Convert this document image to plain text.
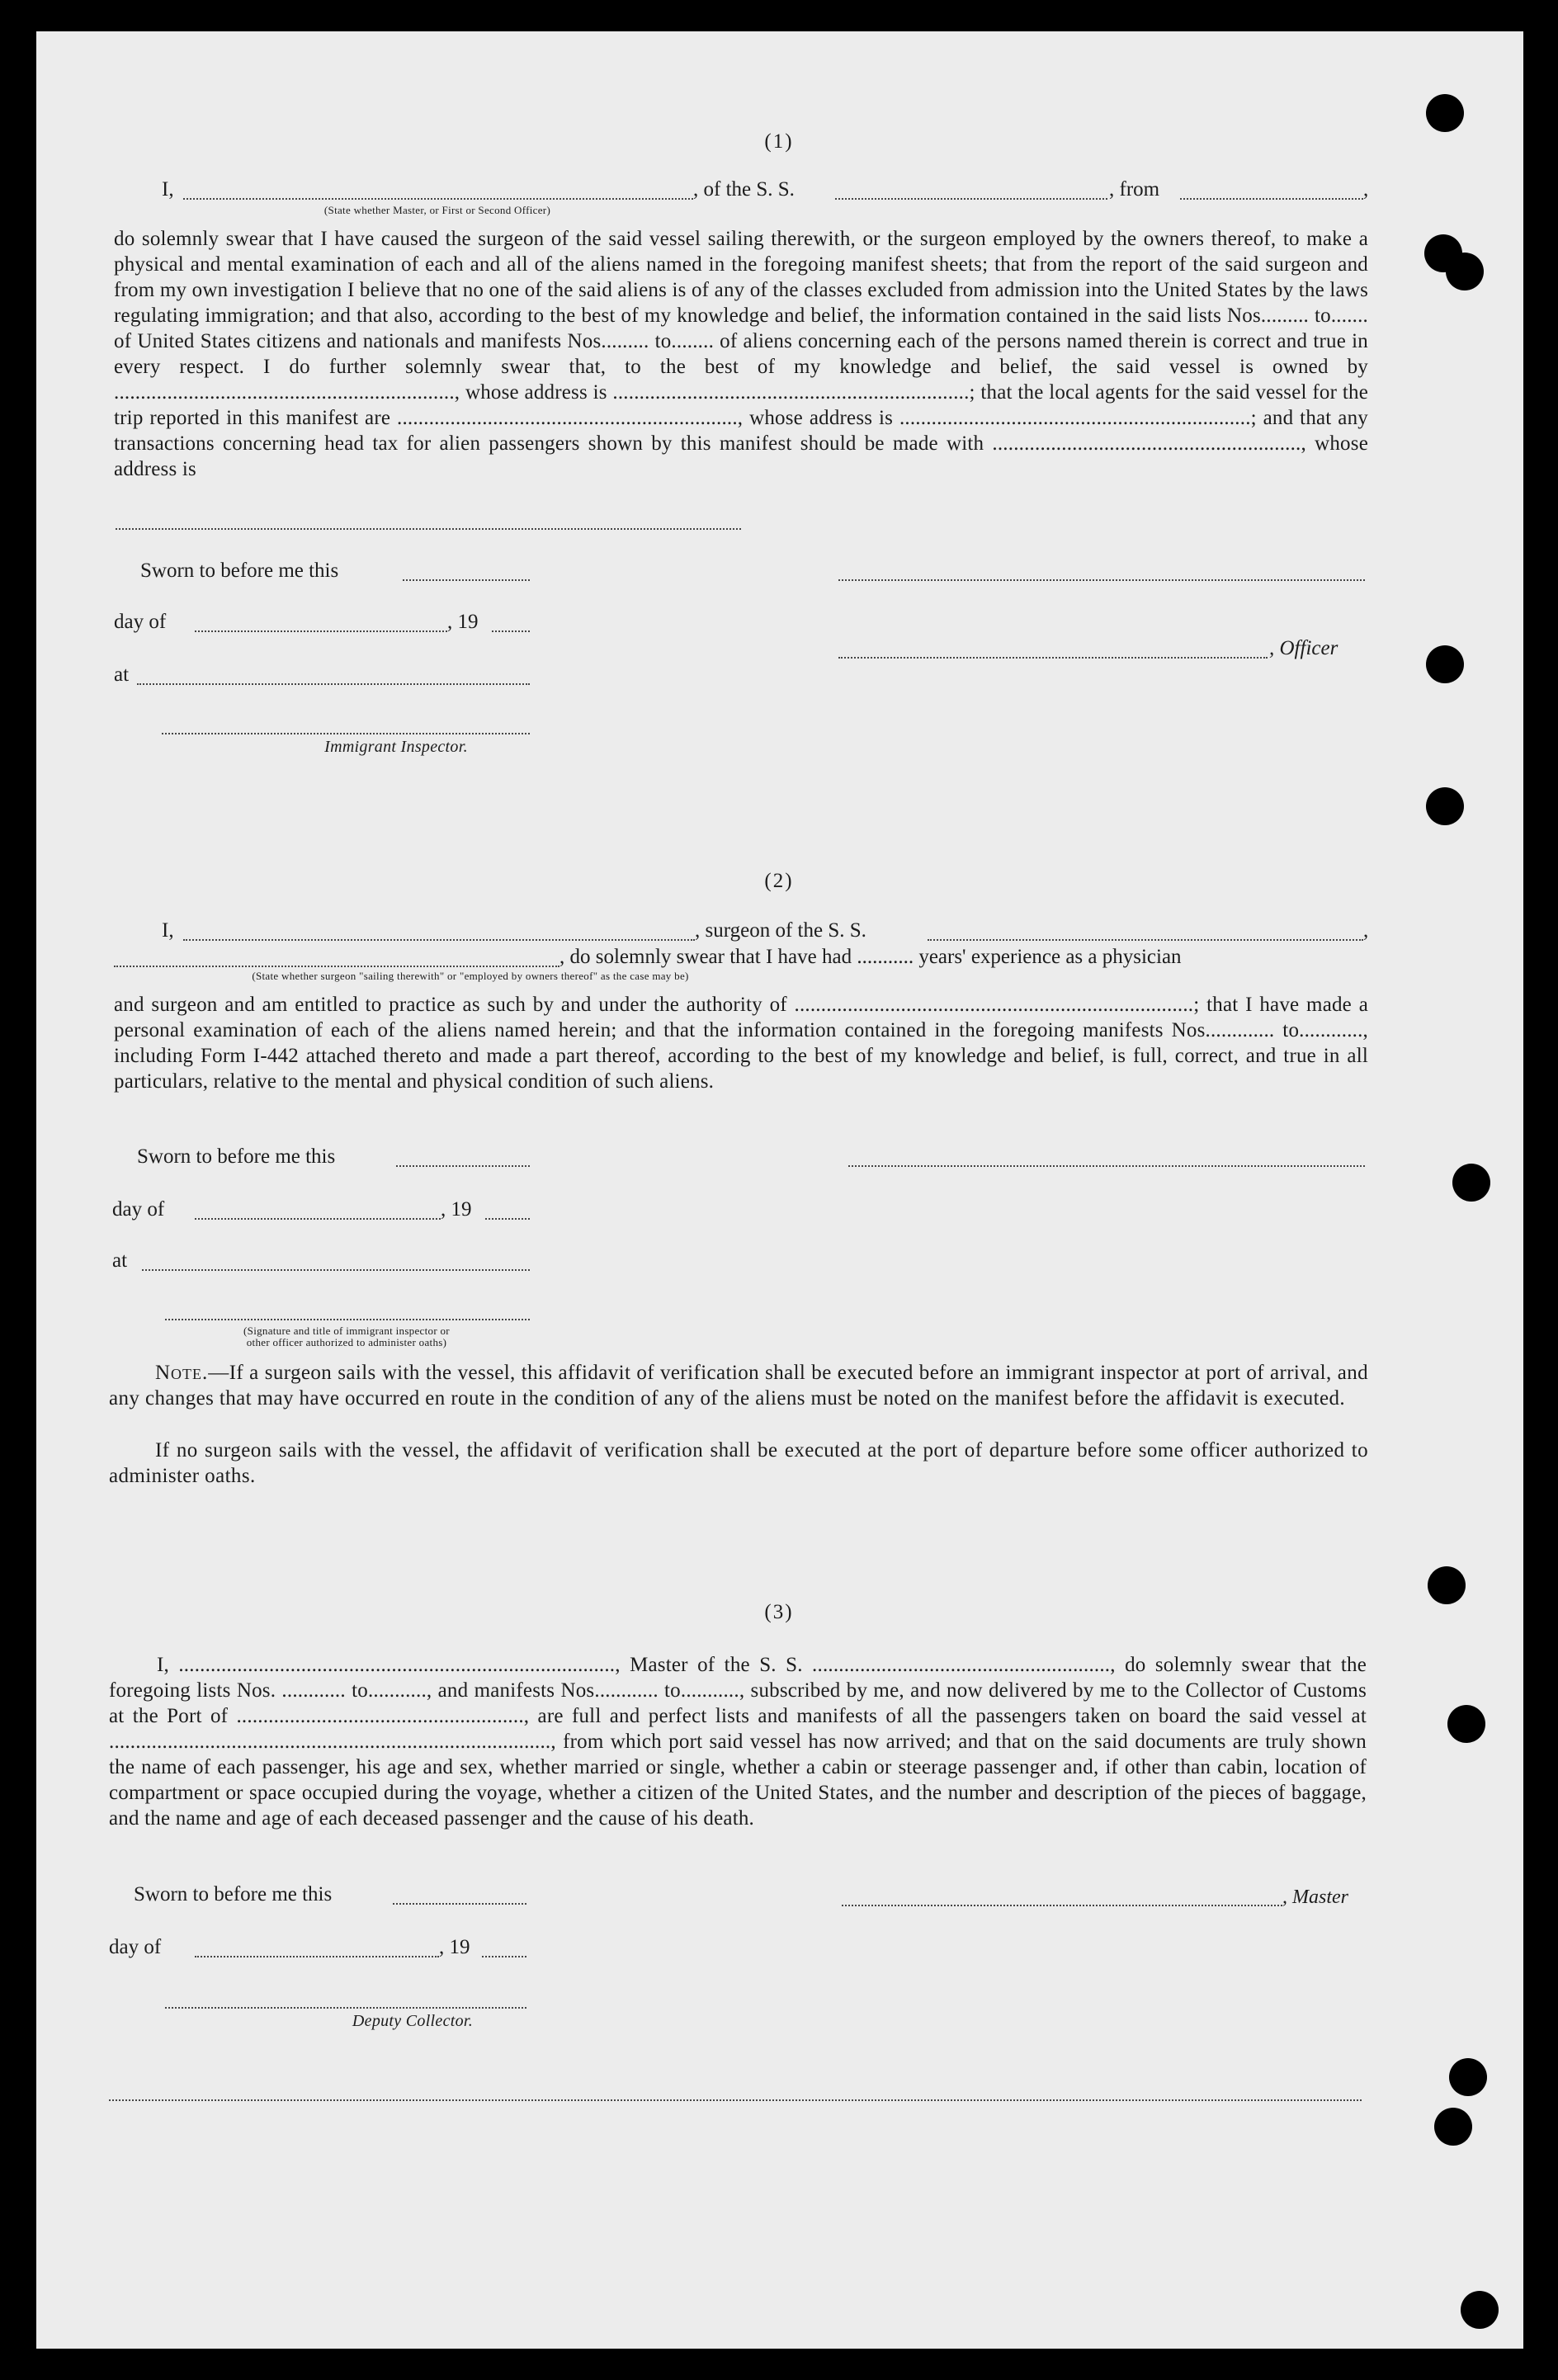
(1)
I,	, of the S. S.	, from	,
(State whether Master, or First or Second Officer)
do solemnly swear that I have caused the surgeon of the said vessel sailing therewith, or the surgeon employed by the owners thereof, to make a physical and mental examination of each and all of the aliens named in the foregoing manifest sheets; that from the report of the said surgeon and from my own investigation I believe that no one of the said aliens is of any of the classes excluded from admission into the United States by the laws regulating immigration; and that also, according to the best of my knowledge and belief, the information contained in the said lists Nos......... to....... of United States citizens and nationals and manifests Nos......... to........ of aliens concerning each of the persons named therein is correct and true in every respect. I do further solemnly swear that, to the best of my knowledge and belief, the said vessel is owned by ................................................................, whose address is ...................................................................; that the local agents for the said vessel for the trip reported in this manifest are ................................................................, whose address is ..................................................................; and that any transactions concerning head tax for alien passengers shown by this manifest should be made with .........................................................., whose address is
Sworn to before me this
day of	, 19
, Officer
at
Immigrant Inspector.
(2)
I,	, surgeon of the S. S.	,
, do solemnly swear that I have had ........... years' experience as a physician
(State whether surgeon "sailing therewith" or "employed by owners thereof" as the case may be)
and surgeon and am entitled to practice as such by and under the authority of ...........................................................................; that I have made a personal examination of each of the aliens named herein; and that the information contained in the foregoing manifests Nos............. to............, including Form I-442 attached thereto and made a part thereof, according to the best of my knowledge and belief, is full, correct, and true in all particulars, relative to the mental and physical condition of such aliens.
Sworn to before me this
day of	, 19
at
(Signature and title of immigrant inspector or
other officer authorized to administer oaths)
Note.—If a surgeon sails with the vessel, this affidavit of verification shall be executed before an immigrant inspector at port of arrival, and any changes that may have occurred en route in the condition of any of the aliens must be noted on the manifest before the affidavit is executed.
If no surgeon sails with the vessel, the affidavit of verification shall be executed at the port of departure before some officer authorized to administer oaths.
(3)
I, .................................................................................., Master of the S. S. ........................................................, do solemnly swear that the foregoing lists Nos. ............ to..........., and manifests Nos............ to..........., subscribed by me, and now delivered by me to the Collector of Customs at the Port of ......................................................, are full and perfect lists and manifests of all the passengers taken on board the said vessel at ..................................................................................., from which port said vessel has now arrived; and that on the said documents are truly shown the name of each passenger, his age and sex, whether married or single, whether a cabin or steerage passenger and, if other than cabin, location of compartment or space occupied during the voyage, whether a citizen of the United States, and the number and description of the pieces of baggage, and the name and age of each deceased passenger and the cause of his death.
Sworn to before me this	, Master
day of	, 19
Deputy Collector.
